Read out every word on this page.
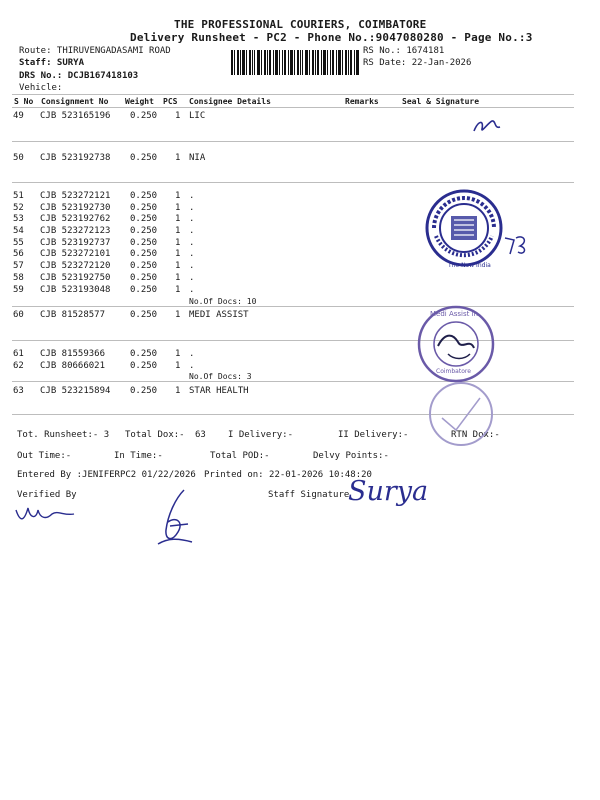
THE PROFESSIONAL COURIERS, COIMBATORE
Delivery Runsheet - PC2 - Phone No.:9047080280 - Page No.:3
Route: THIRUVENGADASAMI ROAD
Staff: SURYA
DRS No.: DCJB167418103
Vehicle:
RS No.: 1674181
RS Date: 22-Jan-2026
S No Consignment No Weight PCS Consignee Details	Remarks	Seal & Signature
49 CJB 523165196 0.250 1 LIC
50 CJB 523192738 0.250 1 NIA
51 CJB 523272121 0.250 1 .
52 CJB 523192730 0.250 1 .
53 CJB 523192762 0.250 1 .
54 CJB 523272123 0.250 1 .
55 CJB 523192737 0.250 1 .
56 CJB 523272101 0.250 1 .
57 CJB 523272120 0.250 1 .
58 CJB 523192750 0.250 1 .
59 CJB 523193048 0.250 1 .
No.Of Docs: 10
60 CJB 81528577	0.250 1 MEDI ASSIST
61 CJB 81559366	0.250 1 .
62 CJB 80666021	0.250 1 .
No.Of Docs: 3
63 CJB 523215894 0.250 1 STAR HEALTH
Tot. Runsheet:- 3 Total Dox:- 63 I Delivery:-	II Delivery:-	RTN Dox:-
Out Time:-	In Time:-	Total POD:-	Delvy Points:-
Entered By :JENIFERPC2 01/22/2026 Printed on: 22-01-2026 10:48:20
Verified By	Staff Signature
The New India
Medi Assist in
Coimbatore
Surya
